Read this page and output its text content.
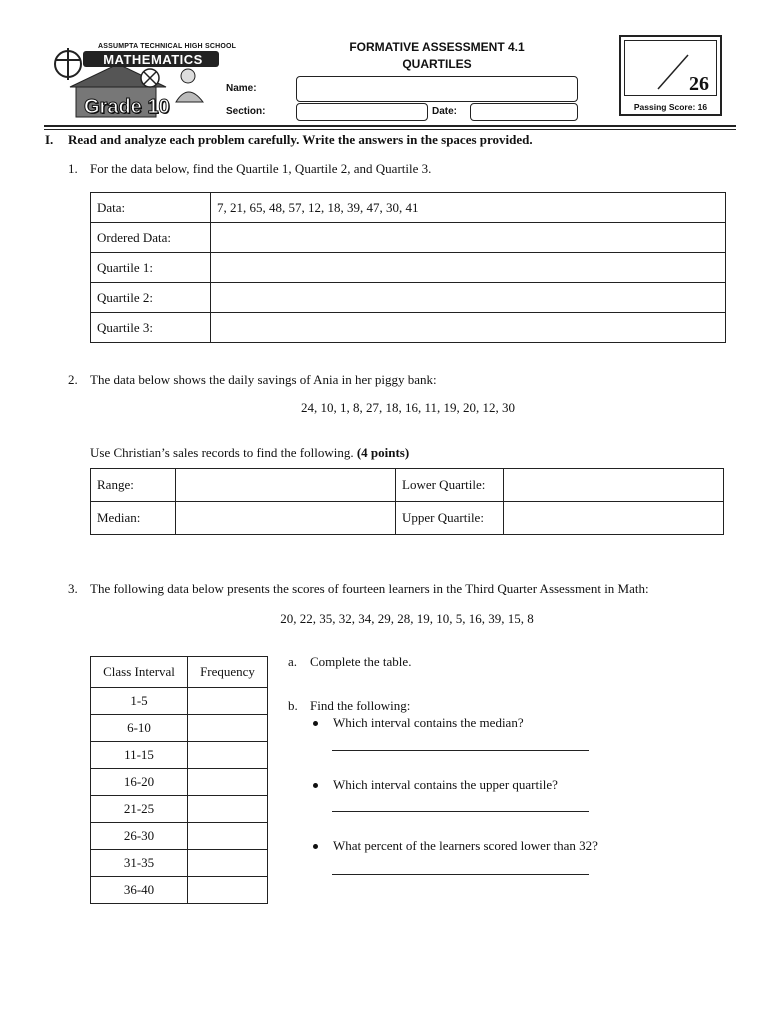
ASSUMPTA TECHNICAL HIGH SCHOOL
MATHEMATICS
Grade 10
FORMATIVE ASSESSMENT 4.1
QUARTILES
Name:
Section:	Date:
26
Passing Score: 16
I. Read and analyze each problem carefully. Write the answers in the spaces provided.
1. For the data below, find the Quartile 1, Quartile 2, and Quartile 3.
Data:	7, 21, 65, 48, 57, 12, 18, 39, 47, 30, 41
Ordered Data:	
Quartile 1:	
Quartile 2:	
Quartile 3:	
2. The data below shows the daily savings of Ania in her piggy bank:
24, 10, 1, 8, 27, 18, 16, 11, 19, 20, 12, 30
Use Christian’s sales records to find the following. (4 points)
Range:		Lower Quartile:	
Median:		Upper Quartile:	
3. The following data below presents the scores of fourteen learners in the Third Quarter Assessment in Math:
20, 22, 35, 32, 34, 29, 28, 19, 10, 5, 16, 39, 15, 8
Class Interval	Frequency
1-5	
6-10	
11-15	
16-20	
21-25	
26-30	
31-35	
36-40	
a. Complete the table.
b. Find the following:
Which interval contains the median?
Which interval contains the upper quartile?
What percent of the learners scored lower than 32?
